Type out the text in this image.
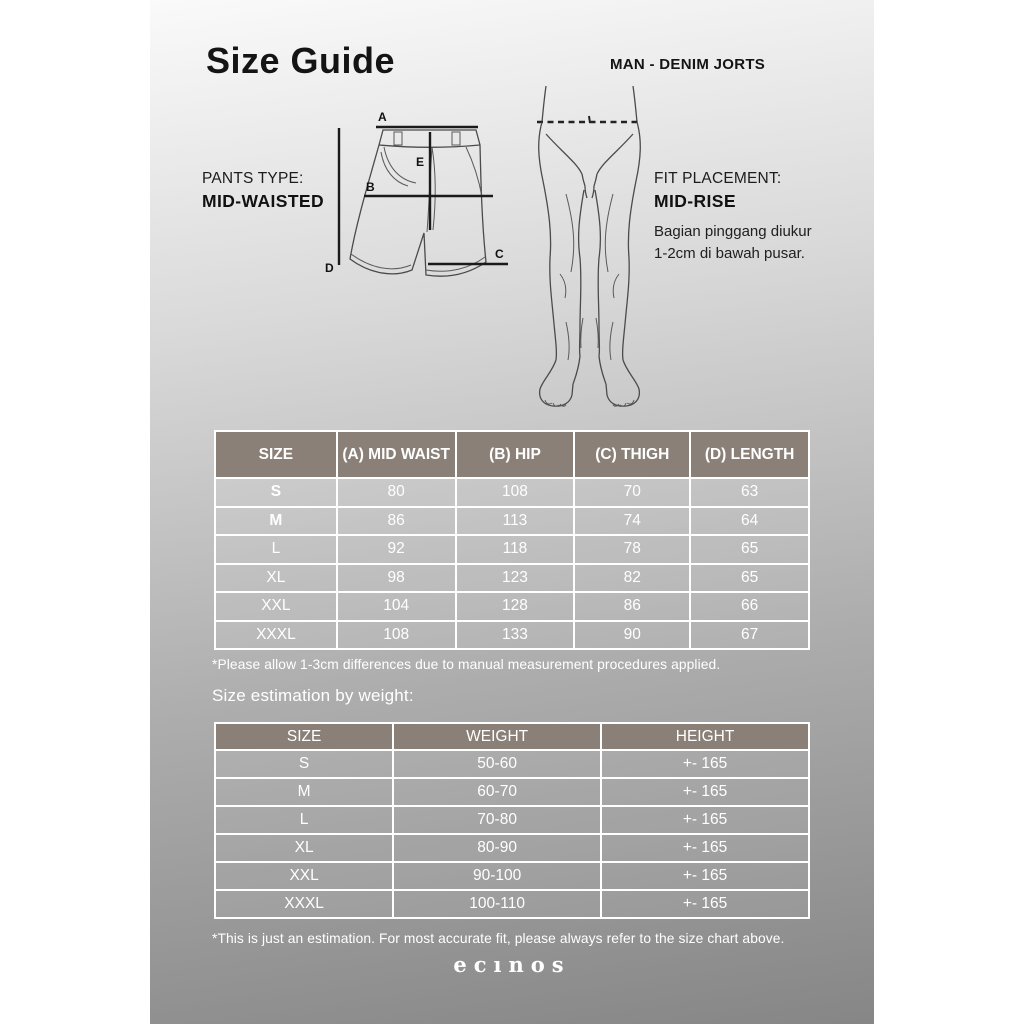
Size Guide	MAN - DENIM JORTS
A
B
C
D
E
PANTS TYPE:
MID-WAISTED
FIT PLACEMENT:
MID-RISE
Bagian pinggang diukur
1-2cm di bawah pusar.
SIZE	(A) MID WAIST	(B) HIP	(C) THIGH	(D) LENGTH
S	80	108	70	63
M	86	113	74	64
L	92	118	78	65
XL	98	123	82	65
XXL	104	128	86	66
XXXL	108	133	90	67
*Please allow 1-3cm differences due to manual measurement procedures applied.
Size estimation by weight:
SIZE	WEIGHT	HEIGHT
S	50-60	+- 165
M	60-70	+- 165
L	70-80	+- 165
XL	80-90	+- 165
XXL	90-100	+- 165
XXXL	100-110	+- 165
*This is just an estimation. For most accurate fit, please always refer to the size chart above.
ecınos
